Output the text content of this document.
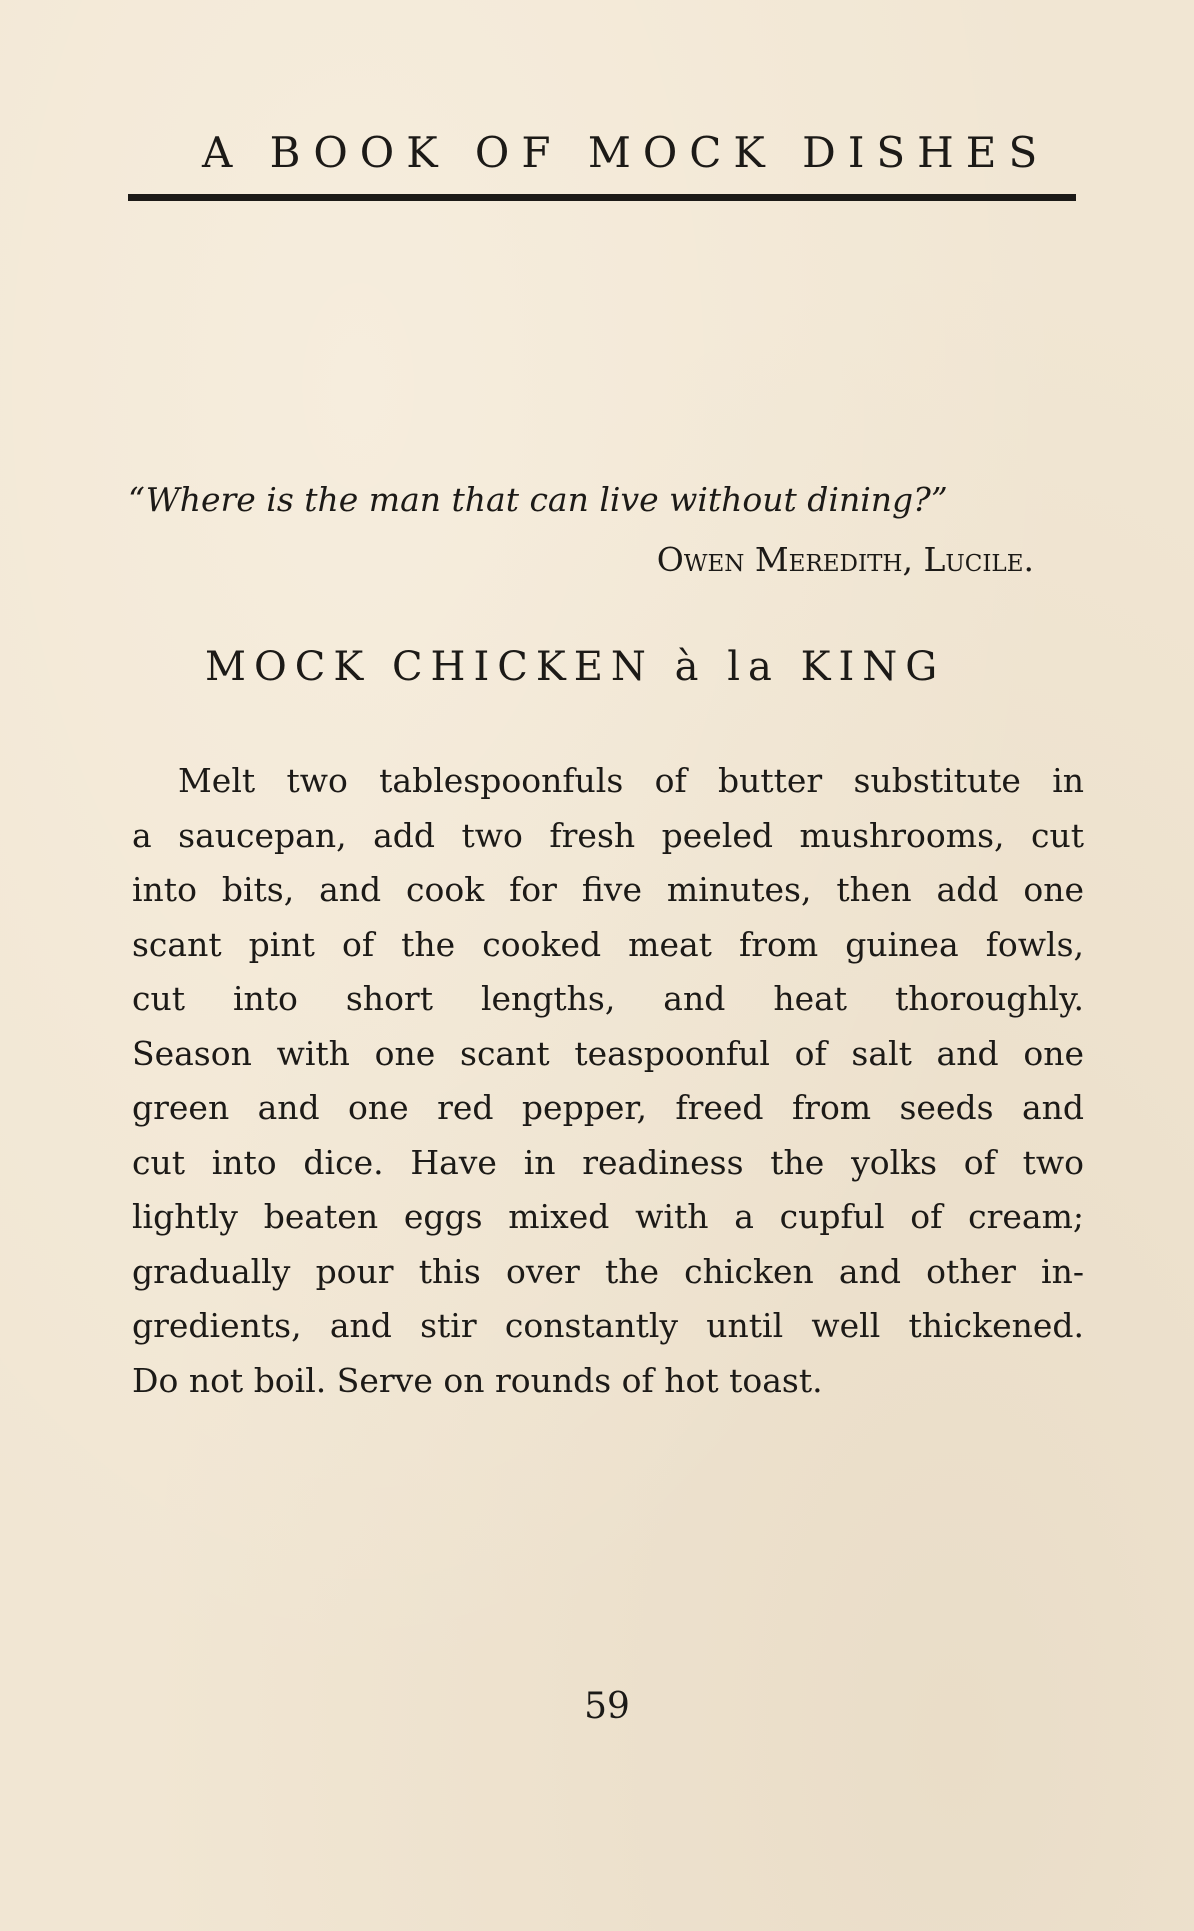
A BOOK OF MOCK DISHES
“Where is the man that can live without dining?”
Owen Meredith, Lucile.
MOCK CHICKEN à la KING
Melt two tablespoonfuls of butter substitute in
a saucepan, add two fresh peeled mushrooms, cut
into bits, and cook for five minutes, then add one
scant pint of the cooked meat from guinea fowls,
cut into short lengths, and heat thoroughly.
Season with one scant teaspoonful of salt and one
green and one red pepper, freed from seeds and
cut into dice. Have in readiness the yolks of two
lightly beaten eggs mixed with a cupful of cream;
gradually pour this over the chicken and other in-
gredients, and stir constantly until well thickened.
Do not boil. Serve on rounds of hot toast.
59
